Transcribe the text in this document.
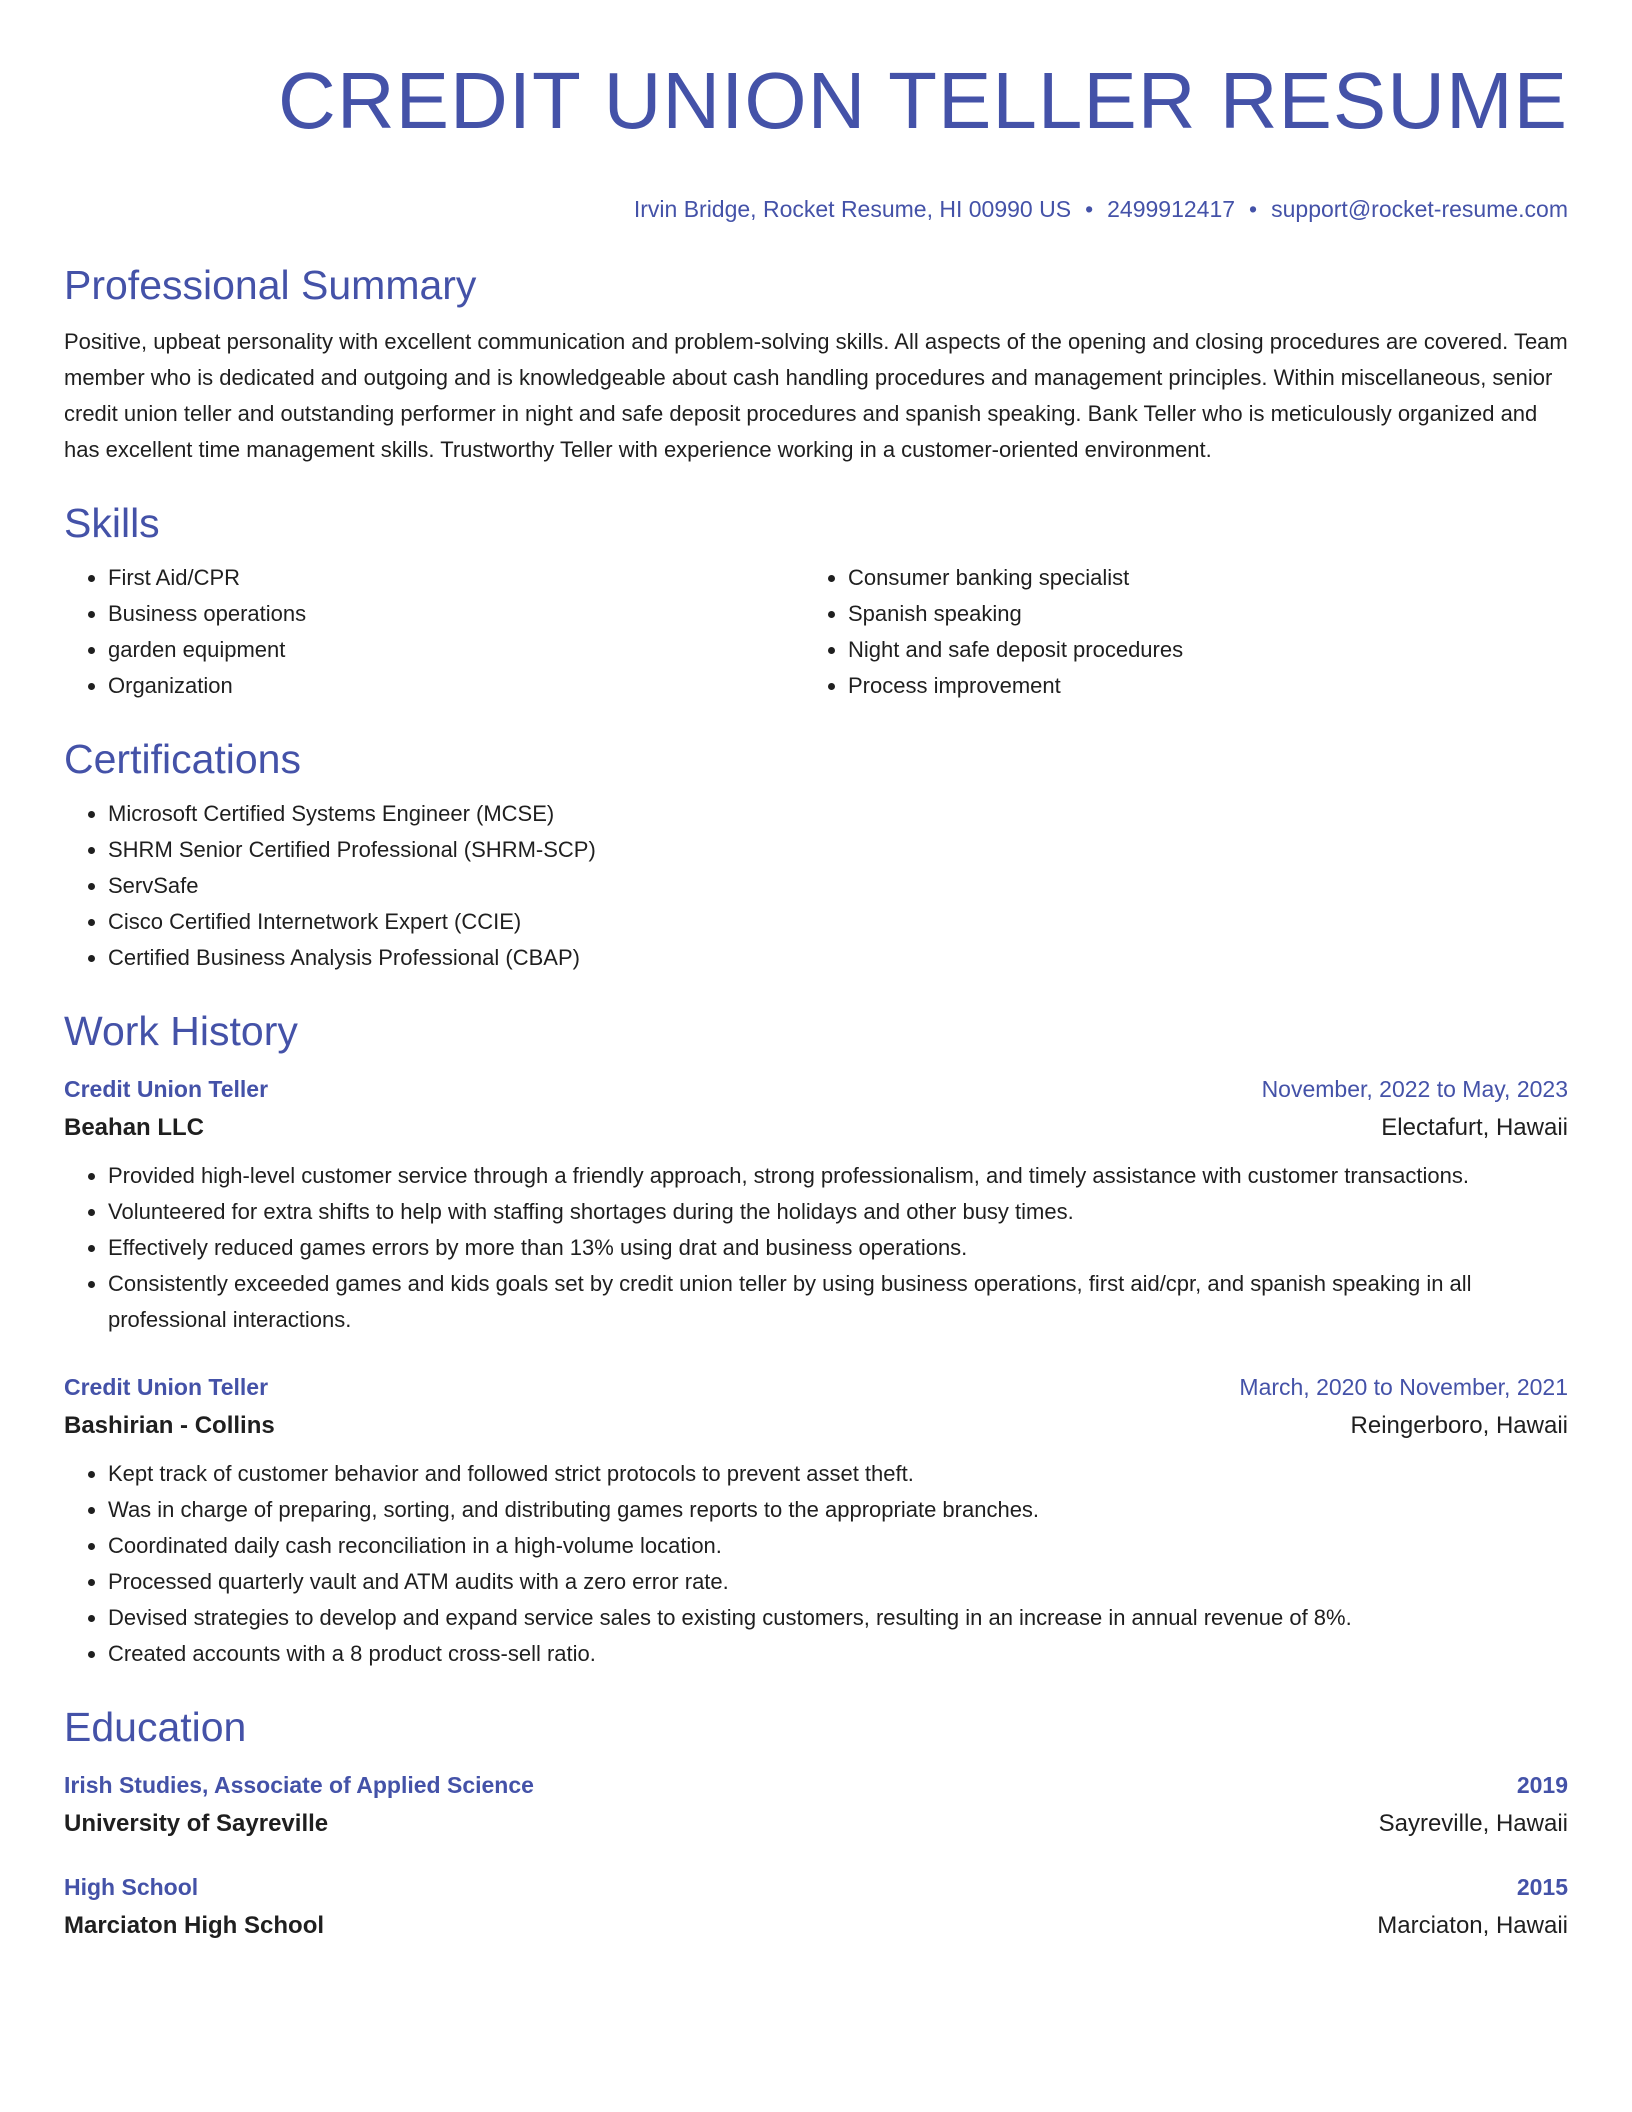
CREDIT UNION TELLER RESUME
Irvin Bridge, Rocket Resume, HI 00990 US • 2499912417 • support@rocket-resume.com
Professional Summary

Positive, upbeat personality with excellent communication and problem-solving skills. All aspects of the opening and closing procedures are covered. Team member who is dedicated and outgoing and is knowledgeable about cash handling procedures and management principles. Within miscellaneous, senior credit union teller and outstanding performer in night and safe deposit procedures and spanish speaking. Bank Teller who is meticulously organized and has excellent time management skills. Trustworthy Teller with experience working in a customer-oriented environment.

Skills
• First Aid/CPR
• Business operations
• garden equipment
• Organization
• Consumer banking specialist
• Spanish speaking
• Night and safe deposit procedures
• Process improvement
Certifications
• Microsoft Certified Systems Engineer (MCSE)
• SHRM Senior Certified Professional (SHRM-SCP)
• ServSafe
• Cisco Certified Internetwork Expert (CCIE)
• Certified Business Analysis Professional (CBAP)
Work History
Credit Union Teller	November, 2022 to May, 2023
Beahan LLC	Electafurt, Hawaii
• Provided high-level customer service through a friendly approach, strong professionalism, and timely assistance with customer transactions.
• Volunteered for extra shifts to help with staffing shortages during the holidays and other busy times.
• Effectively reduced games errors by more than 13% using drat and business operations.
• Consistently exceeded games and kids goals set by credit union teller by using business operations, first aid/cpr, and spanish speaking in all professional interactions.
Credit Union Teller	March, 2020 to November, 2021
Bashirian - Collins	Reingerboro, Hawaii
• Kept track of customer behavior and followed strict protocols to prevent asset theft.
• Was in charge of preparing, sorting, and distributing games reports to the appropriate branches.
• Coordinated daily cash reconciliation in a high-volume location.
• Processed quarterly vault and ATM audits with a zero error rate.
• Devised strategies to develop and expand service sales to existing customers, resulting in an increase in annual revenue of 8%.
• Created accounts with a 8 product cross-sell ratio.
Education
Irish Studies, Associate of Applied Science	2019
University of Sayreville	Sayreville, Hawaii
High School	2015
Marciaton High School	Marciaton, Hawaii
